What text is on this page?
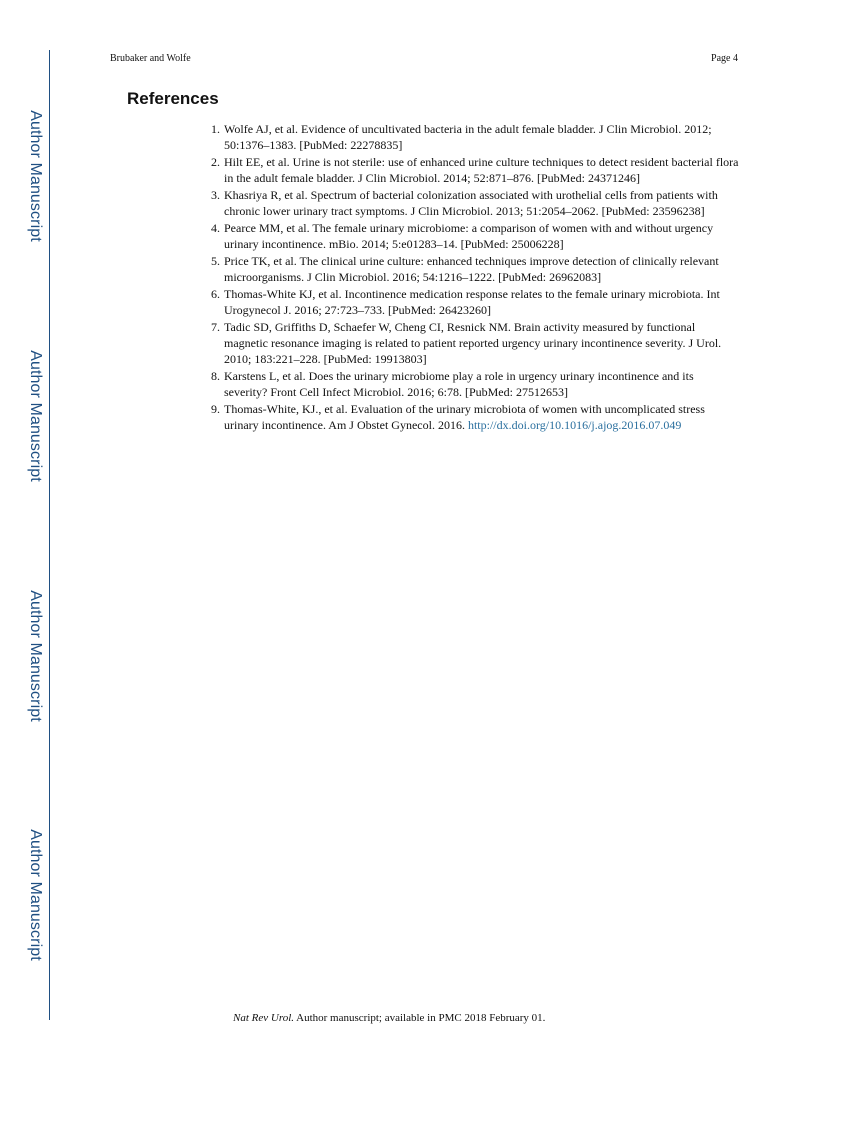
Author Manuscript
Author Manuscript
Author Manuscript
Author Manuscript
Brubaker and Wolfe	Page 4
References
1. Wolfe AJ, et al. Evidence of uncultivated bacteria in the adult female bladder. J Clin Microbiol. 2012; 50:1376–1383. [PubMed: 22278835]
2. Hilt EE, et al. Urine is not sterile: use of enhanced urine culture techniques to detect resident bacterial flora in the adult female bladder. J Clin Microbiol. 2014; 52:871–876. [PubMed: 24371246]
3. Khasriya R, et al. Spectrum of bacterial colonization associated with urothelial cells from patients with chronic lower urinary tract symptoms. J Clin Microbiol. 2013; 51:2054–2062. [PubMed: 23596238]
4. Pearce MM, et al. The female urinary microbiome: a comparison of women with and without urgency urinary incontinence. mBio. 2014; 5:e01283–14. [PubMed: 25006228]
5. Price TK, et al. The clinical urine culture: enhanced techniques improve detection of clinically relevant microorganisms. J Clin Microbiol. 2016; 54:1216–1222. [PubMed: 26962083]
6. Thomas-White KJ, et al. Incontinence medication response relates to the female urinary microbiota. Int Urogynecol J. 2016; 27:723–733. [PubMed: 26423260]
7. Tadic SD, Griffiths D, Schaefer W, Cheng CI, Resnick NM. Brain activity measured by functional magnetic resonance imaging is related to patient reported urgency urinary incontinence severity. J Urol. 2010; 183:221–228. [PubMed: 19913803]
8. Karstens L, et al. Does the urinary microbiome play a role in urgency urinary incontinence and its severity? Front Cell Infect Microbiol. 2016; 6:78. [PubMed: 27512653]
9. Thomas-White, KJ., et al. Evaluation of the urinary microbiota of women with uncomplicated stress urinary incontinence. Am J Obstet Gynecol. 2016. http://dx.doi.org/10.1016/j.ajog.2016.07.049
Nat Rev Urol. Author manuscript; available in PMC 2018 February 01.
